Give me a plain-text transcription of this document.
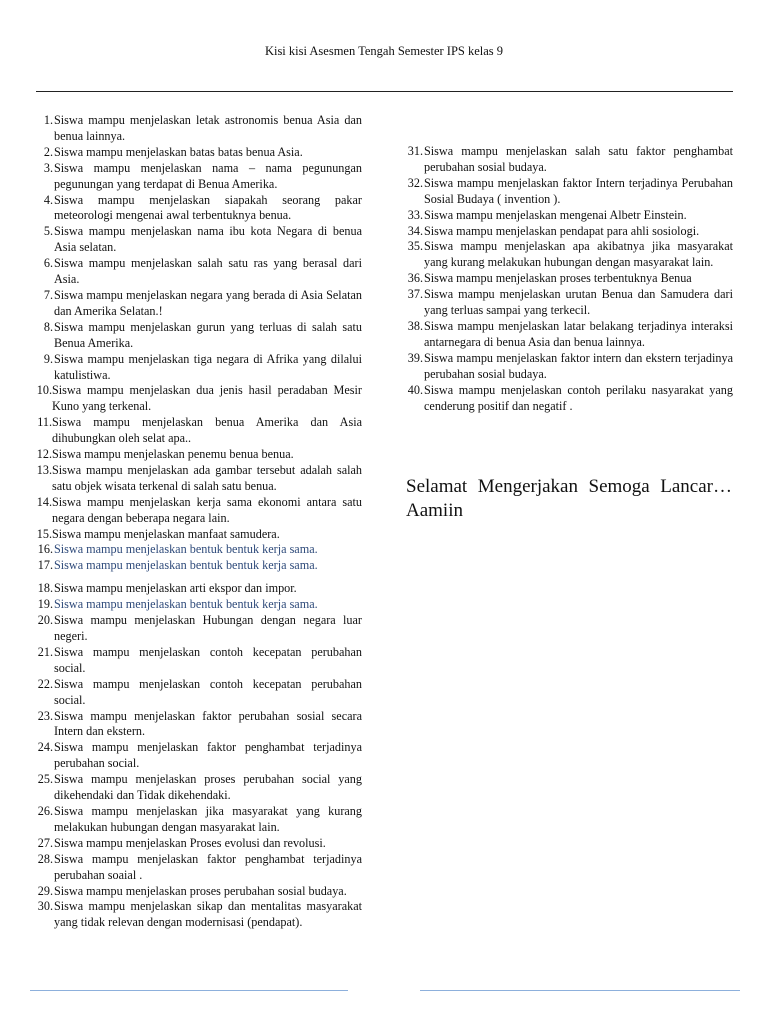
Kisi kisi Asesmen Tengah Semester IPS kelas 9
1. Siswa mampu menjelaskan letak astronomis benua Asia dan benua lainnya.
2. Siswa mampu menjelaskan batas batas benua Asia.
3. Siswa mampu menjelaskan nama – nama pegunungan pegunungan yang terdapat di Benua Amerika.
4. Siswa mampu menjelaskan siapakah seorang pakar meteorologi mengenai awal terbentuknya benua.
5. Siswa mampu menjelaskan nama ibu kota Negara di benua Asia selatan.
6. Siswa mampu menjelaskan salah satu ras yang berasal dari Asia.
7. Siswa mampu menjelaskan negara yang berada di Asia Selatan dan Amerika Selatan.!
8. Siswa mampu menjelaskan gurun yang terluas di salah satu Benua Amerika.
9. Siswa mampu menjelaskan tiga negara di Afrika yang dilalui katulistiwa.
10. Siswa mampu menjelaskan dua jenis hasil peradaban Mesir Kuno yang terkenal.
11. Siswa mampu menjelaskan benua Amerika dan Asia dihubungkan oleh selat apa..
12. Siswa mampu menjelaskan penemu benua benua.
13. Siswa mampu menjelaskan ada gambar tersebut adalah salah satu objek wisata terkenal di salah satu benua.
14. Siswa mampu menjelaskan kerja sama ekonomi antara satu negara dengan beberapa negara lain.
15. Siswa mampu menjelaskan manfaat samudera.
16. Siswa mampu menjelaskan bentuk bentuk kerja sama.
17. Siswa mampu menjelaskan bentuk bentuk kerja sama.
18. Siswa mampu menjelaskan arti ekspor dan impor.
19. Siswa mampu menjelaskan bentuk bentuk kerja sama.
20. Siswa mampu menjelaskan Hubungan dengan negara luar negeri.
21. Siswa mampu menjelaskan contoh kecepatan perubahan social.
22. Siswa mampu menjelaskan contoh kecepatan perubahan social.
23. Siswa mampu menjelaskan faktor perubahan sosial secara Intern dan ekstern.
24. Siswa mampu menjelaskan faktor penghambat terjadinya perubahan social.
25. Siswa mampu menjelaskan proses perubahan social yang dikehendaki dan Tidak dikehendaki.
26. Siswa mampu menjelaskan jika masyarakat yang kurang melakukan hubungan dengan masyarakat lain.
27. Siswa mampu menjelaskan Proses evolusi dan revolusi.
28. Siswa mampu menjelaskan faktor penghambat terjadinya perubahan soaial .
29. Siswa mampu menjelaskan proses perubahan sosial budaya.
30. Siswa mampu menjelaskan sikap dan mentalitas masyarakat yang tidak relevan dengan modernisasi (pendapat).
31. Siswa mampu menjelaskan salah satu faktor penghambat perubahan sosial budaya.
32. Siswa mampu menjelaskan faktor Intern terjadinya Perubahan Sosial Budaya ( invention ).
33. Siswa mampu menjelaskan mengenai Albetr Einstein.
34. Siswa mampu menjelaskan pendapat para ahli sosiologi.
35. Siswa mampu menjelaskan apa akibatnya jika masyarakat yang kurang melakukan hubungan dengan masyarakat lain.
36. Siswa mampu menjelaskan proses terbentuknya Benua
37. Siswa mampu menjelaskan urutan Benua dan Samudera dari yang terluas sampai yang terkecil.
38. Siswa mampu menjelaskan latar belakang terjadinya interaksi antarnegara di benua Asia dan benua lainnya.
39. Siswa mampu menjelaskan faktor intern dan ekstern terjadinya perubahan sosial budaya.
40. Siswa mampu menjelaskan contoh perilaku nasyarakat yang cenderung positif dan negatif .
Selamat Mengerjakan Semoga Lancar… Aamiin
